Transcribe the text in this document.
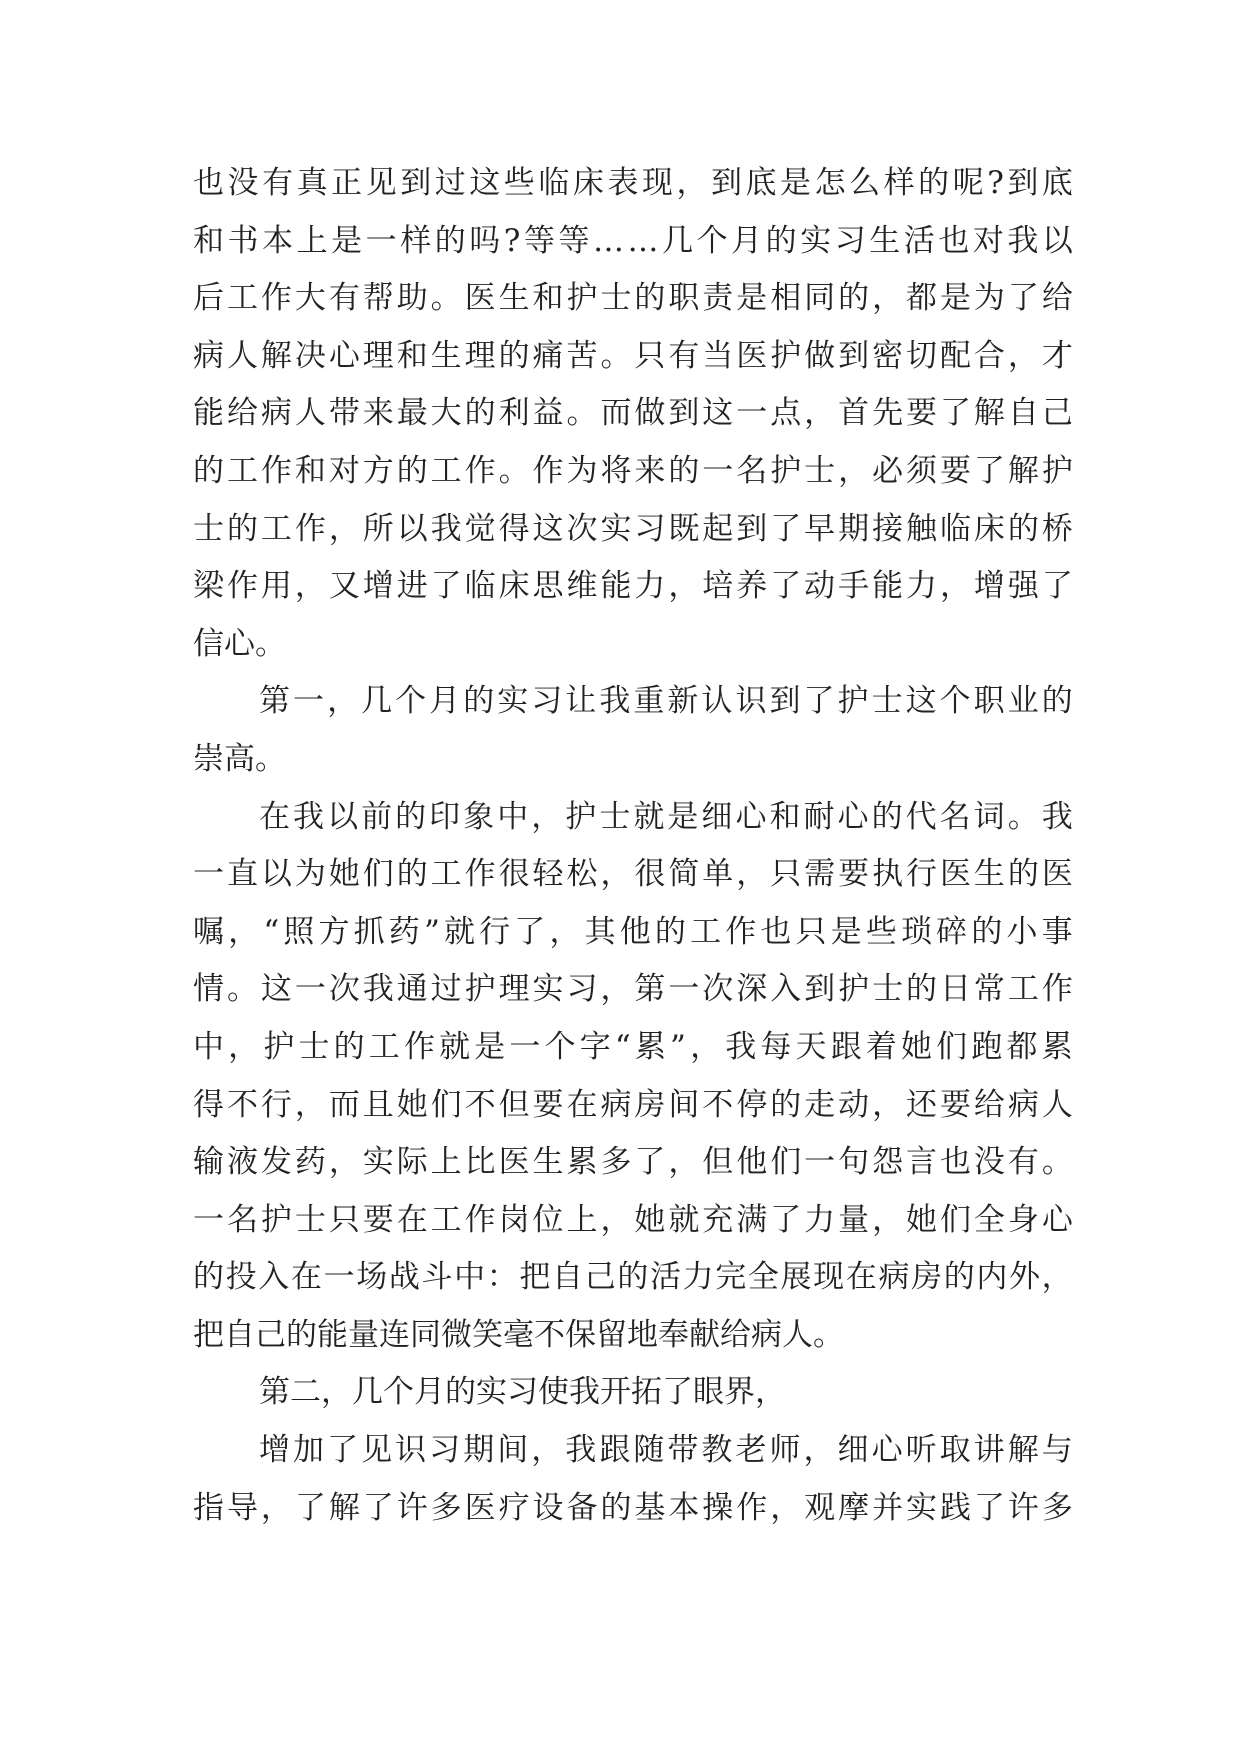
也 没 有 真 正 见 到 过 这 些 临 床 表 现 ， 到 底 是 怎 么 样 的 呢 ? 到 底
和 书 本 上 是 一 样 的 吗 ? 等 等 … … 几 个 月 的 实 习 生 活 也 对 我 以
后 工 作 大 有 帮 助 。 医 生 和 护 士 的 职 责 是 相 同 的 ， 都 是 为 了 给
病 人 解 决 心 理 和 生 理 的 痛 苦 。 只 有 当 医 护 做 到 密 切 配 合 ， 才
能 给 病 人 带 来 最 大 的 利 益 。 而 做 到 这 一 点 ， 首 先 要 了 解 自 己
的 工 作 和 对 方 的 工 作 。 作 为 将 来 的 一 名 护 士 ， 必 须 要 了 解 护
士 的 工 作 ， 所 以 我 觉 得 这 次 实 习 既 起 到 了 早 期 接 触 临 床 的 桥
梁 作 用 ， 又 增 进 了 临 床 思 维 能 力 ， 培 养 了 动 手 能 力 ， 增 强 了
信心。
第 一 ， 几 个 月 的 实 习 让 我 重 新 认 识 到 了 护 士 这 个 职 业 的
崇高。
在 我 以 前 的 印 象 中 ， 护 士 就 是 细 心 和 耐 心 的 代 名 词 。 我
一 直 以 为 她 们 的 工 作 很 轻 松 ， 很 简 单 ， 只 需 要 执 行 医 生 的 医
嘱 ， “ 照 方 抓 药 ” 就 行 了 ， 其 他 的 工 作 也 只 是 些 琐 碎 的 小 事
情 。 这 一 次 我 通 过 护 理 实 习 ， 第 一 次 深 入 到 护 士 的 日 常 工 作
中 ， 护 士 的 工 作 就 是 一 个 字 “ 累 ” ， 我 每 天 跟 着 她 们 跑 都 累
得 不 行 ， 而 且 她 们 不 但 要 在 病 房 间 不 停 的 走 动 ， 还 要 给 病 人
输 液 发 药 ， 实 际 上 比 医 生 累 多 了 ， 但 他 们 一 句 怨 言 也 没 有 。
一 名 护 士 只 要 在 工 作 岗 位 上 ， 她 就 充 满 了 力 量 ， 她 们 全 身 心
的 投 入 在 一 场 战 斗 中 ： 把 自 己 的 活 力 完 全 展 现 在 病 房 的 内 外 ，
把自己的能量连同微笑毫不保留地奉献给病人。
第二，几个月的实习使我开拓了眼界，
增 加 了 见 识 习 期 间 ， 我 跟 随 带 教 老 师 ， 细 心 听 取 讲 解 与
指 导 ， 了 解 了 许 多 医 疗 设 备 的 基 本 操 作 ， 观 摩 并 实 践 了 许 多
